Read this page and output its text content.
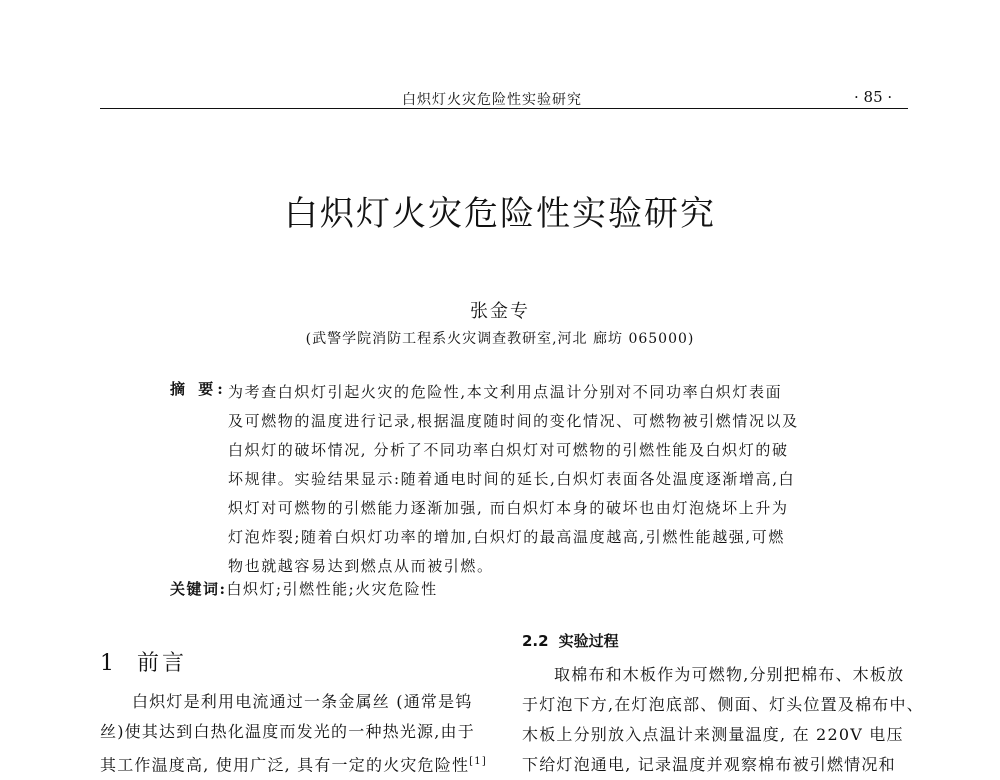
白炽灯火灾危险性实验研究	· 85 ·
白炽灯火灾危险性实验研究
张金专
(武警学院消防工程系火灾调查教研室,河北 廊坊 065000)
摘 要: 为考查白炽灯引起火灾的危险性,本文利用点温计分别对不同功率白炽灯表面
及可燃物的温度进行记录,根据温度随时间的变化情况、可燃物被引燃情况以及
白炽灯的破坏情况, 分析了不同功率白炽灯对可燃物的引燃性能及白炽灯的破
坏规律。实验结果显示:随着通电时间的延长,白炽灯表面各处温度逐渐增高,白
炽灯对可燃物的引燃能力逐渐加强, 而白炽灯本身的破坏也由灯泡烧坏上升为
灯泡炸裂;随着白炽灯功率的增加,白炽灯的最高温度越高,引燃性能越强,可燃
物也就越容易达到燃点从而被引燃。
关键词:白炽灯;引燃性能;火灾危险性
1 前言
白炽灯是利用电流通过一条金属丝 (通常是钨
丝)使其达到白热化温度而发光的一种热光源,由于
其工作温度高, 使用广泛, 具有一定的火灾危险性[1]
2.2 实验过程
取棉布和木板作为可燃物,分别把棉布、木板放
于灯泡下方,在灯泡底部、侧面、灯头位置及棉布中、
木板上分别放入点温计来测量温度, 在 220V 电压
下给灯泡通电, 记录温度并观察棉布被引燃情况和
